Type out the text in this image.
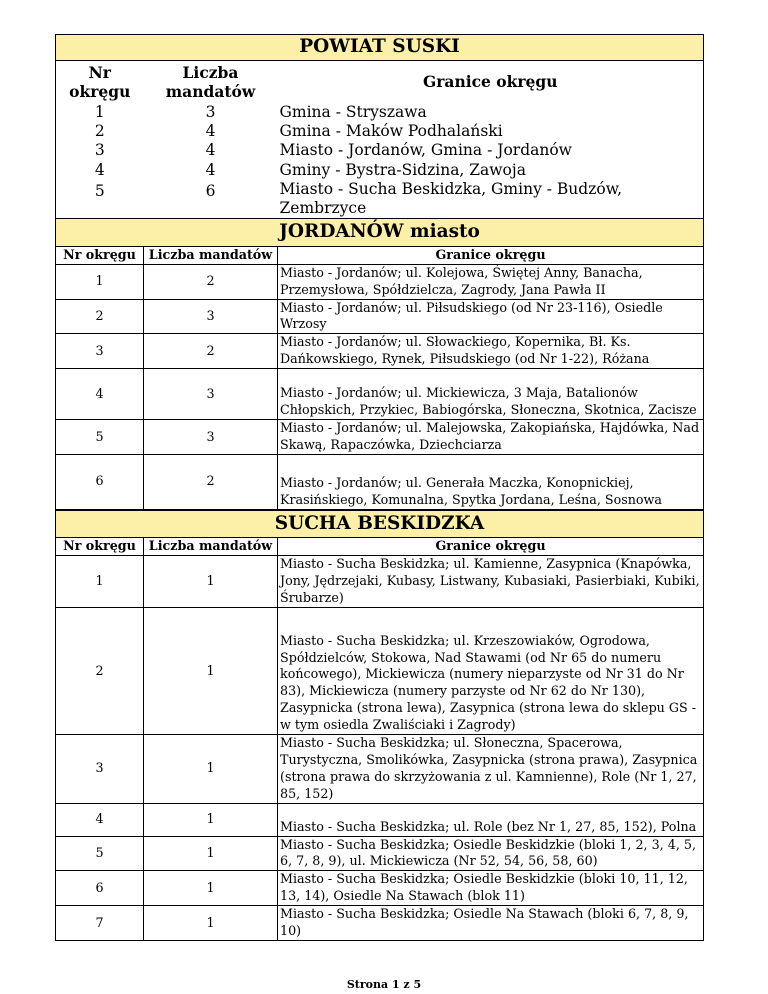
POWIAT SUSKI		
Nr okręgu	Liczba mandatów	Granice okręgu
1	3	Gmina - Stryszawa
2	4	Gmina - Maków Podhalański
3	4	Miasto - Jordanów, Gmina - Jordanów
4	4	Gminy - Bystra-Sidzina, Zawoja
5	6	Miasto - Sucha Beskidzka, Gminy - Budzów, Zembrzyce
JORDANÓW miasto		
Nr okręgu	Liczba mandatów	Granice okręgu
1	2	Miasto - Jordanów; ul. Kolejowa, Świętej Anny, Banacha, Przemysłowa, Spółdzielcza, Zagrody, Jana Pawła II
2	3	Miasto - Jordanów; ul. Piłsudskiego (od Nr 23-116), Osiedle Wrzosy
3	2	Miasto - Jordanów; ul. Słowackiego, Kopernika, Bł. Ks. Dańkowskiego, Rynek, Piłsudskiego (od Nr 1-22), Różana
4	3	Miasto - Jordanów; ul. Mickiewicza, 3 Maja, Batalionów Chłopskich, Przykiec, Babiogórska, Słoneczna, Skotnica, Zacisze
5	3	Miasto - Jordanów; ul. Malejowska, Zakopiańska, Hajdówka, Nad Skawą, Rapaczówka, Dziechciarza
6	2	Miasto - Jordanów; ul. Generała Maczka, Konopnickiej, Krasińskiego, Komunalna, Spytka Jordana, Leśna, Sosnowa
SUCHA BESKIDZKA		
Nr okręgu	Liczba mandatów	Granice okręgu
1	1	Miasto - Sucha Beskidzka; ul. Kamienne, Zasypnica (Knapówka, Jony, Jędrzejaki, Kubasy, Listwany, Kubasiaki, Pasierbiaki, Kubiki, Śrubarze)
2	1	Miasto - Sucha Beskidzka; ul. Krzeszowiaków, Ogrodowa, Spółdzielców, Stokowa, Nad Stawami (od Nr 65 do numeru końcowego), Mickiewicza (numery nieparzyste od Nr 31 do Nr 83), Mickiewicza (numery parzyste od Nr 62 do Nr 130), Zasypnicka (strona lewa), Zasypnica (strona lewa do sklepu GS - w tym osiedla Zwaliściaki i Zagrody)
3	1	Miasto - Sucha Beskidzka; ul. Słoneczna, Spacerowa, Turystyczna, Smolikówka, Zasypnicka (strona prawa), Zasypnica (strona prawa do skrzyżowania z ul. Kamnienne), Role (Nr 1, 27, 85, 152)
4	1	Miasto - Sucha Beskidzka; ul. Role (bez Nr 1, 27, 85, 152), Polna
5	1	Miasto - Sucha Beskidzka; Osiedle Beskidzkie (bloki 1, 2, 3, 4, 5, 6, 7, 8, 9), ul. Mickiewicza (Nr 52, 54, 56, 58, 60)
6	1	Miasto - Sucha Beskidzka; Osiedle Beskidzkie (bloki 10, 11, 12, 13, 14), Osiedle Na Stawach (blok 11)
7	1	Miasto - Sucha Beskidzka; Osiedle Na Stawach (bloki 6, 7, 8, 9, 10)
Strona 1 z 5
